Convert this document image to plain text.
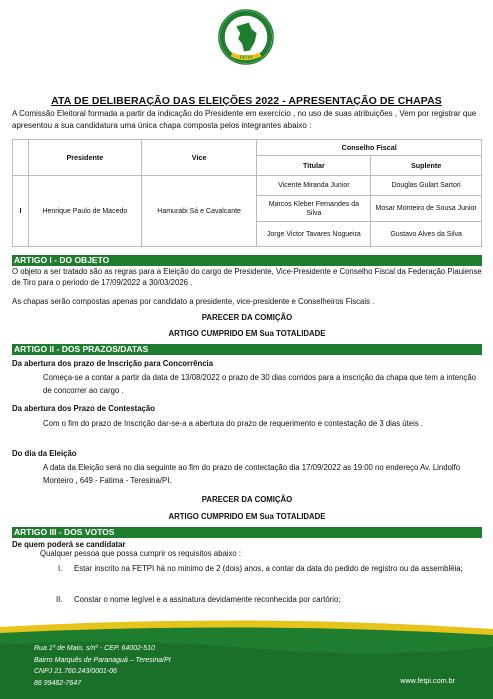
FETPI
ATA DE DELIBERAÇÃO DAS ELEIÇÕES 2022 - APRESENTAÇÃO DE CHAPAS
A Comissão Eleitoral formada a partir da indicação do Presidente em exercício , no uso de suas atribuições , Vem por registrar que apresentou a sua candidatura uma única chapa composta pelos integrantes abaixo :
	Presidente	Vice	Conselho Fiscal	
			Titular	Suplente
I	Henrique Paulo de Macedo	Hamurabi Sá e Cavalcante	Vicente Miranda Junior	Douglas Gulart Sartori
			Marcos Kleber Fernandes da Silva	Mosar Monteiro de Sousa Junior
			Jorge Victor Tavares Nogueira	Gustavo Alves da Silva
ARTIGO I - DO OBJETO
O objeto a ser tratado são as regras para a Eleição do cargo de Presidente, Vice-Presidente e Conselho Fiscal da Federação Piauiense de Tiro para o periodo de 17/09/2022 a 30/03/2026 .
As chapas serão compostas apenas por candidato a presidente, vice-presidente e Conselheiros Fiscais .
PARECER DA COMIÇÃO
ARTIGO CUMPRIDO EM Sua TOTALIDADE
ARTIGO II - DOS PRAZOS/DATAS
Da abertura dos prazo de Inscrição para Concorrência
Começa-se a contar a partir da data de 13/08/2022 o prazo de 30 dias corridos para a inscrição da chapa que tem a intenção de concorrer ao cargo .
Da abertura dos Prazo de Contestação
Com o fim do prazo de Inscrição dar-se-a a abertura do prazo de requerimento e contestação de 3 dias úteis .
Do dia da Eleição
A data da Eleição será no dia seguinte ao fim do prazo de contectação dia 17/09/2022 as 19:00 no endereço Av. Lindolfo Monteiro , 649 - Fatima - Teresina/PI.
PARECER DA COMIÇÃO
ARTIGO CUMPRIDO EM Sua TOTALIDADE
ARTIGO III - DOS VOTOS
De quem poderá se candidatar
Qualquer pessoa que possa cumprir os requisitos abaixo :
I. Estar inscrito na FETPI há no minimo de 2 (dois) anos, a contar da data do pedido de registro ou da assembléia;
II. Constar o nome legível e a assinatura devidamente reconhecida por cartório;
Rua 1º de Maio, s/nº - CEP. 64002-510
Bairro Marquês de Paranaguá – Teresina/PI
CNPJ 21.760.243/0001-06
86 99482-7647	www.fetpi.com.br
